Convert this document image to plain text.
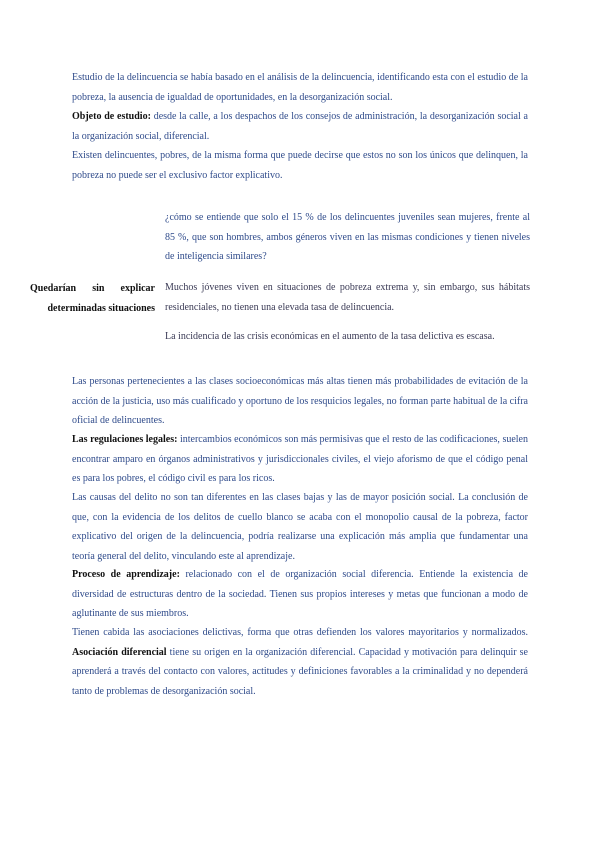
Estudio de la delincuencia se había basado en el análisis de la delincuencia, identificando esta con el estudio de la pobreza, la ausencia de igualdad de oportunidades, en la desorganización social.

Objeto de estudio: desde la calle, a los despachos de los consejos de administración, la desorganización social a la organización social, diferencial.

Existen delincuentes, pobres, de la misma forma que puede decirse que estos no son los únicos que delinquen, la pobreza no puede ser el exclusivo factor explicativo.

¿cómo se entiende que solo el 15 % de los delincuentes juveniles sean mujeres, frente al 85 %, que son hombres, ambos géneros viven en las mismas condiciones y tienen niveles de inteligencia similares?

Quedarían sin explicar determinadas situaciones

Muchos jóvenes viven en situaciones de pobreza extrema y, sin embargo, sus hábitats residenciales, no tienen una elevada tasa de delincuencia.

La incidencia de las crisis económicas en el aumento de la tasa delictiva es escasa.

Las personas pertenecientes a las clases socioeconómicas más altas tienen más probabilidades de evitación de la acción de la justicia, uso más cualificado y oportuno de los resquicios legales, no forman parte habitual de la cifra oficial de delincuentes.

Las regulaciones legales: intercambios económicos son más permisivas que el resto de las codificaciones, suelen encontrar amparo en órganos administrativos y jurisdiccionales civiles, el viejo aforismo de que el código penal es para los pobres, el código civil es para los ricos.

Las causas del delito no son tan diferentes en las clases bajas y las de mayor posición social. La conclusión de que, con la evidencia de los delitos de cuello blanco se acaba con el monopolio causal de la pobreza, factor explicativo del origen de la delincuencia, podría realizarse una explicación más amplia que fundamentar una teoría general del delito, vinculando este al aprendizaje.

Proceso de aprendizaje: relacionado con el de organización social diferencia. Entiende la existencia de diversidad de estructuras dentro de la sociedad. Tienen sus propios intereses y metas que funcionan a modo de aglutinante de sus miembros.

Tienen cabida las asociaciones delictivas, forma que otras defienden los valores mayoritarios y normalizados. Asociación diferencial tiene su origen en la organización diferencial. Capacidad y motivación para delinquir se aprenderá a través del contacto con valores, actitudes y definiciones favorables a la criminalidad y no dependerá tanto de problemas de desorganización social.
